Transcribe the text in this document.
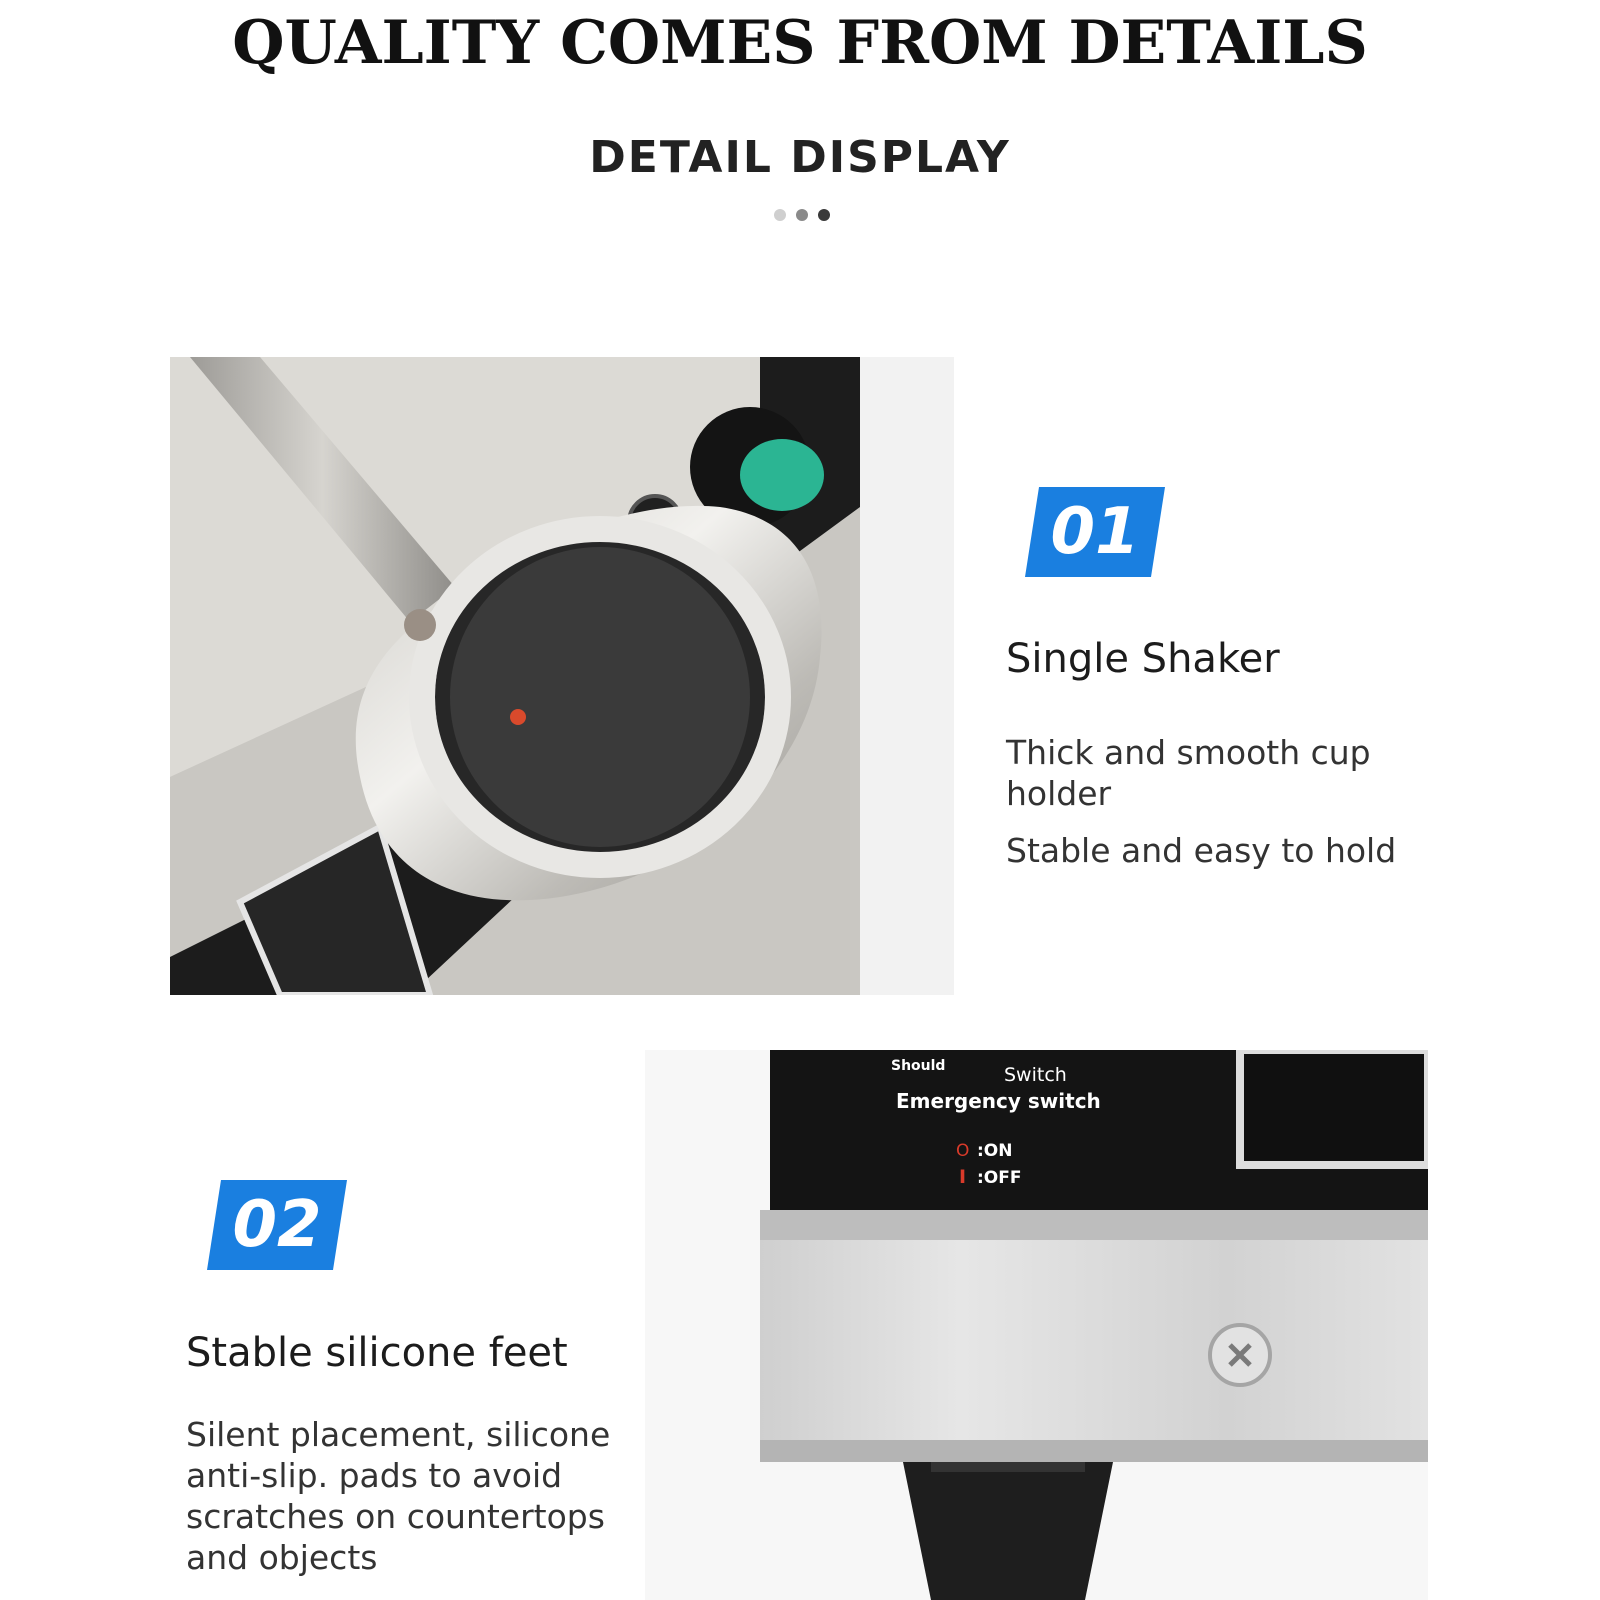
QUALITY COMES FROM DETAILS
DETAIL DISPLAY
01

Single Shaker

Thick and smooth cup holder

Stable and easy to hold

02

Stable silicone feet

Silent placement, silicone anti-slip. pads to avoid scratches on countertops and objects

Should	Switch
Emergency switch
O :ON
I :OFF
